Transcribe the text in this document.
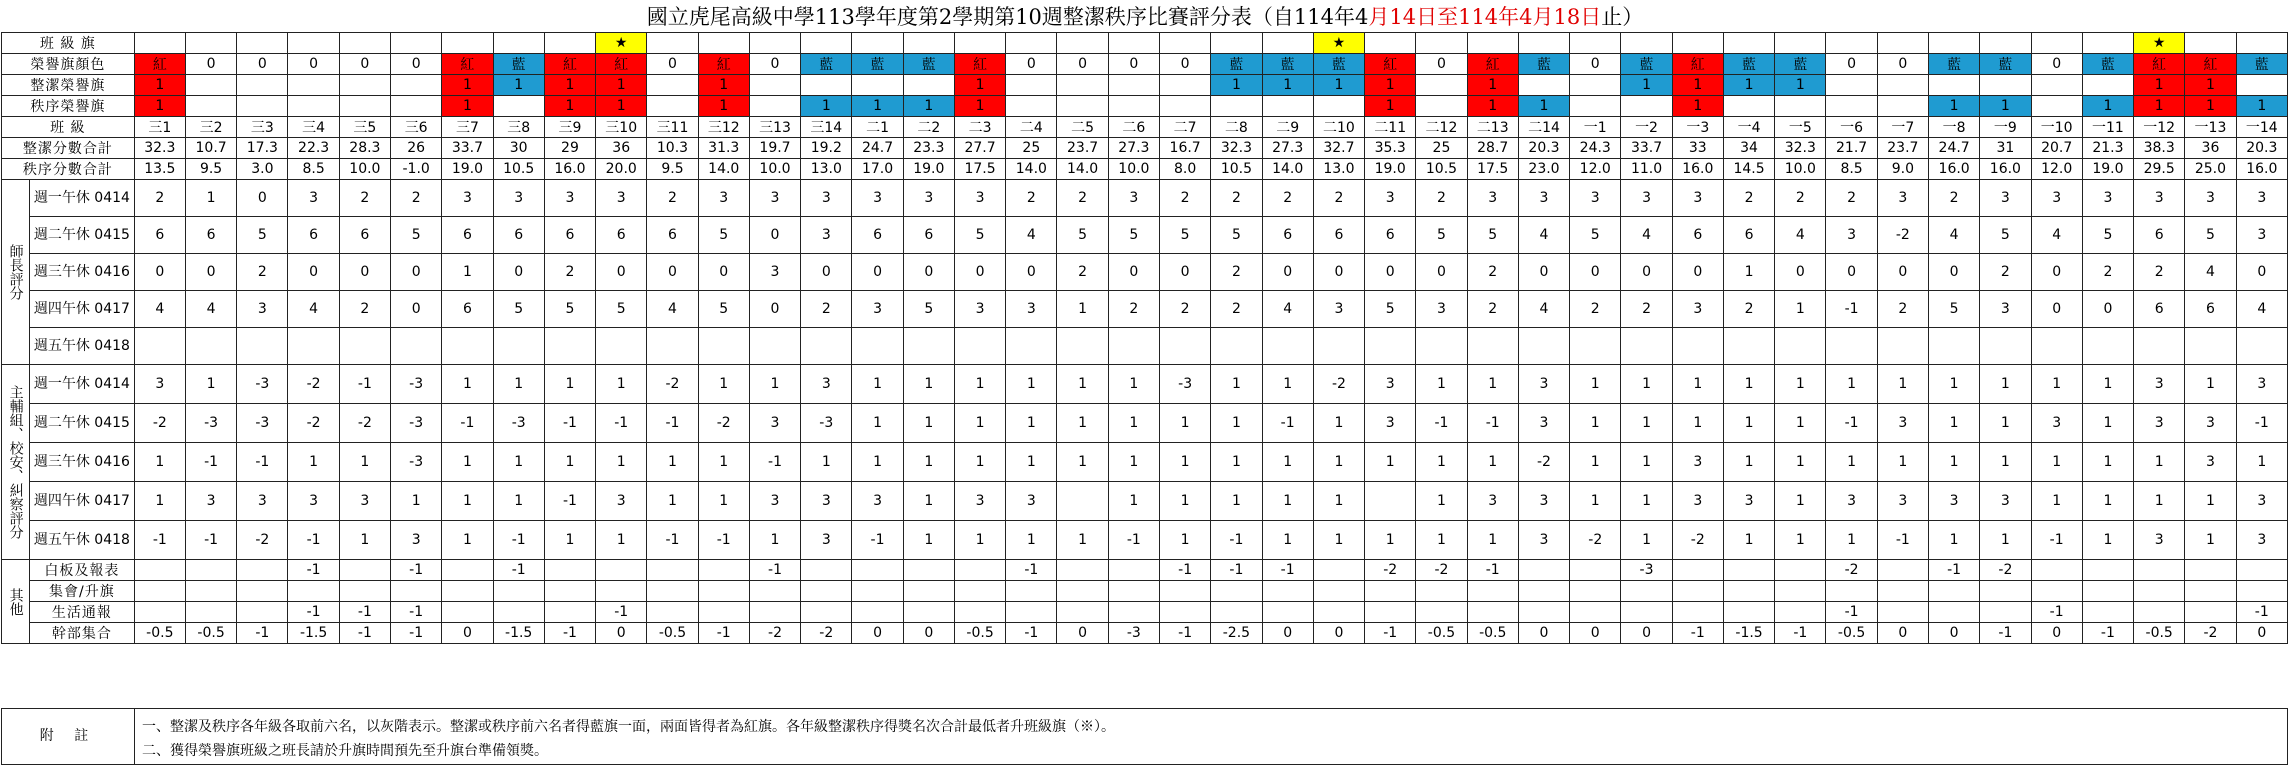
國立虎尾高級中學113學年度第2學期第10週整潔秩序比賽評分表（自114年4月14日至114年4月18日止）
班 級 旗											★														★																★		
榮譽旗顏色		紅	0	0	0	0	0	紅	藍	紅	紅	0	紅	0	藍	藍	藍	紅	0	0	0	0	藍	藍	藍	紅	0	紅	藍	0	藍	紅	藍	藍	0	0	藍	藍	0	藍	紅	紅	藍
整潔榮譽旗		1						1	1	1	1		1					1					1	1	1	1		1			1	1	1	1							1	1	
秩序榮譽旗		1						1		1	1		1		1	1	1	1								1		1	1			1					1	1		1	1	1	1
班 級		三1	三2	三3	三4	三5	三6	三7	三8	三9	三10	三11	三12	三13	三14	二1	二2	二3	二4	二5	二6	二7	二8	二9	二10	二11	二12	二13	二14	一1	一2	一3	一4	一5	一6	一7	一8	一9	一10	一11	一12	一13	一14
整潔分數合計		32.3	10.7	17.3	22.3	28.3	26	33.7	30	29	36	10.3	31.3	19.7	19.2	24.7	23.3	27.7	25	23.7	27.3	16.7	32.3	27.3	32.7	35.3	25	28.7	20.3	24.3	33.7	33	34	32.3	21.7	23.7	24.7	31	20.7	21.3	38.3	36	20.3
秩序分數合計		13.5	9.5	3.0	8.5	10.0	-1.0	19.0	10.5	16.0	20.0	9.5	14.0	10.0	13.0	17.0	19.0	17.5	14.0	14.0	10.0	8.0	10.5	14.0	13.0	19.0	10.5	17.5	23.0	12.0	11.0	16.0	14.5	10.0	8.5	9.0	16.0	16.0	12.0	19.0	29.5	25.0	16.0
師長評分	週一午休 0414	2	1	0	3	2	2	3	3	3	3	2	3	3	3	3	3	3	2	2	3	2	2	2	2	3	2	3	3	3	3	3	2	2	2	3	2	3	3	3	3	3	3
	週二午休 0415	6	6	5	6	6	5	6	6	6	6	6	5	0	3	6	6	5	4	5	5	5	5	6	6	6	5	5	4	5	4	6	6	4	3	-2	4	5	4	5	6	5	3
	週三午休 0416	0	0	2	0	0	0	1	0	2	0	0	0	3	0	0	0	0	0	2	0	0	2	0	0	0	0	2	0	0	0	0	1	0	0	0	0	2	0	2	2	4	0
	週四午休 0417	4	4	3	4	2	0	6	5	5	5	4	5	0	2	3	5	3	3	1	2	2	2	4	3	5	3	2	4	2	2	3	2	1	-1	2	5	3	0	0	6	6	4
	週五午休 0418																																										
主輔組、校安、糾察評分	週一午休 0414	3	1	-3	-2	-1	-3	1	1	1	1	-2	1	1	3	1	1	1	1	1	1	-3	1	1	-2	3	1	1	3	1	1	1	1	1	1	1	1	1	1	1	3	1	3
	週二午休 0415	-2	-3	-3	-2	-2	-3	-1	-3	-1	-1	-1	-2	3	-3	1	1	1	1	1	1	1	1	-1	1	3	-1	-1	3	1	1	1	1	1	-1	3	1	1	3	1	3	3	-1
	週三午休 0416	1	-1	-1	1	1	-3	1	1	1	1	1	1	-1	1	1	1	1	1	1	1	1	1	1	1	1	1	1	-2	1	1	3	1	1	1	1	1	1	1	1	1	3	1
	週四午休 0417	1	3	3	3	3	1	1	1	-1	3	1	1	3	3	3	1	3	3		1	1	1	1	1		1	3	3	1	1	3	3	1	3	3	3	3	1	1	1	1	3
	週五午休 0418	-1	-1	-2	-1	1	3	1	-1	1	1	-1	-1	1	3	-1	1	1	1	1	-1	1	-1	1	1	1	1	1	3	-2	1	-2	1	1	1	-1	1	1	-1	1	3	1	3
其他	白板及報表				-1		-1		-1					-1					-1			-1	-1	-1		-2	-2	-1			-3				-2		-1	-2					
	集會/升旗																																										
	生活通報				-1	-1	-1				-1																								-1				-1				-1
	幹部集合	-0.5	-0.5	-1	-1.5	-1	-1	0	-1.5	-1	0	-0.5	-1	-2	-2	0	0	-0.5	-1	0	-3	-1	-2.5	0	0	-1	-0.5	-0.5	0	0	0	-1	-1.5	-1	-0.5	0	0	-1	0	-1	-0.5	-2	0
附 註
一、整潔及秩序各年級各取前六名，以灰階表示。整潔或秩序前六名者得藍旗一面，兩面皆得者為紅旗。各年級整潔秩序得獎名次合計最低者升班級旗（※）。
二、獲得榮譽旗班級之班長請於升旗時間預先至升旗台準備領獎。
